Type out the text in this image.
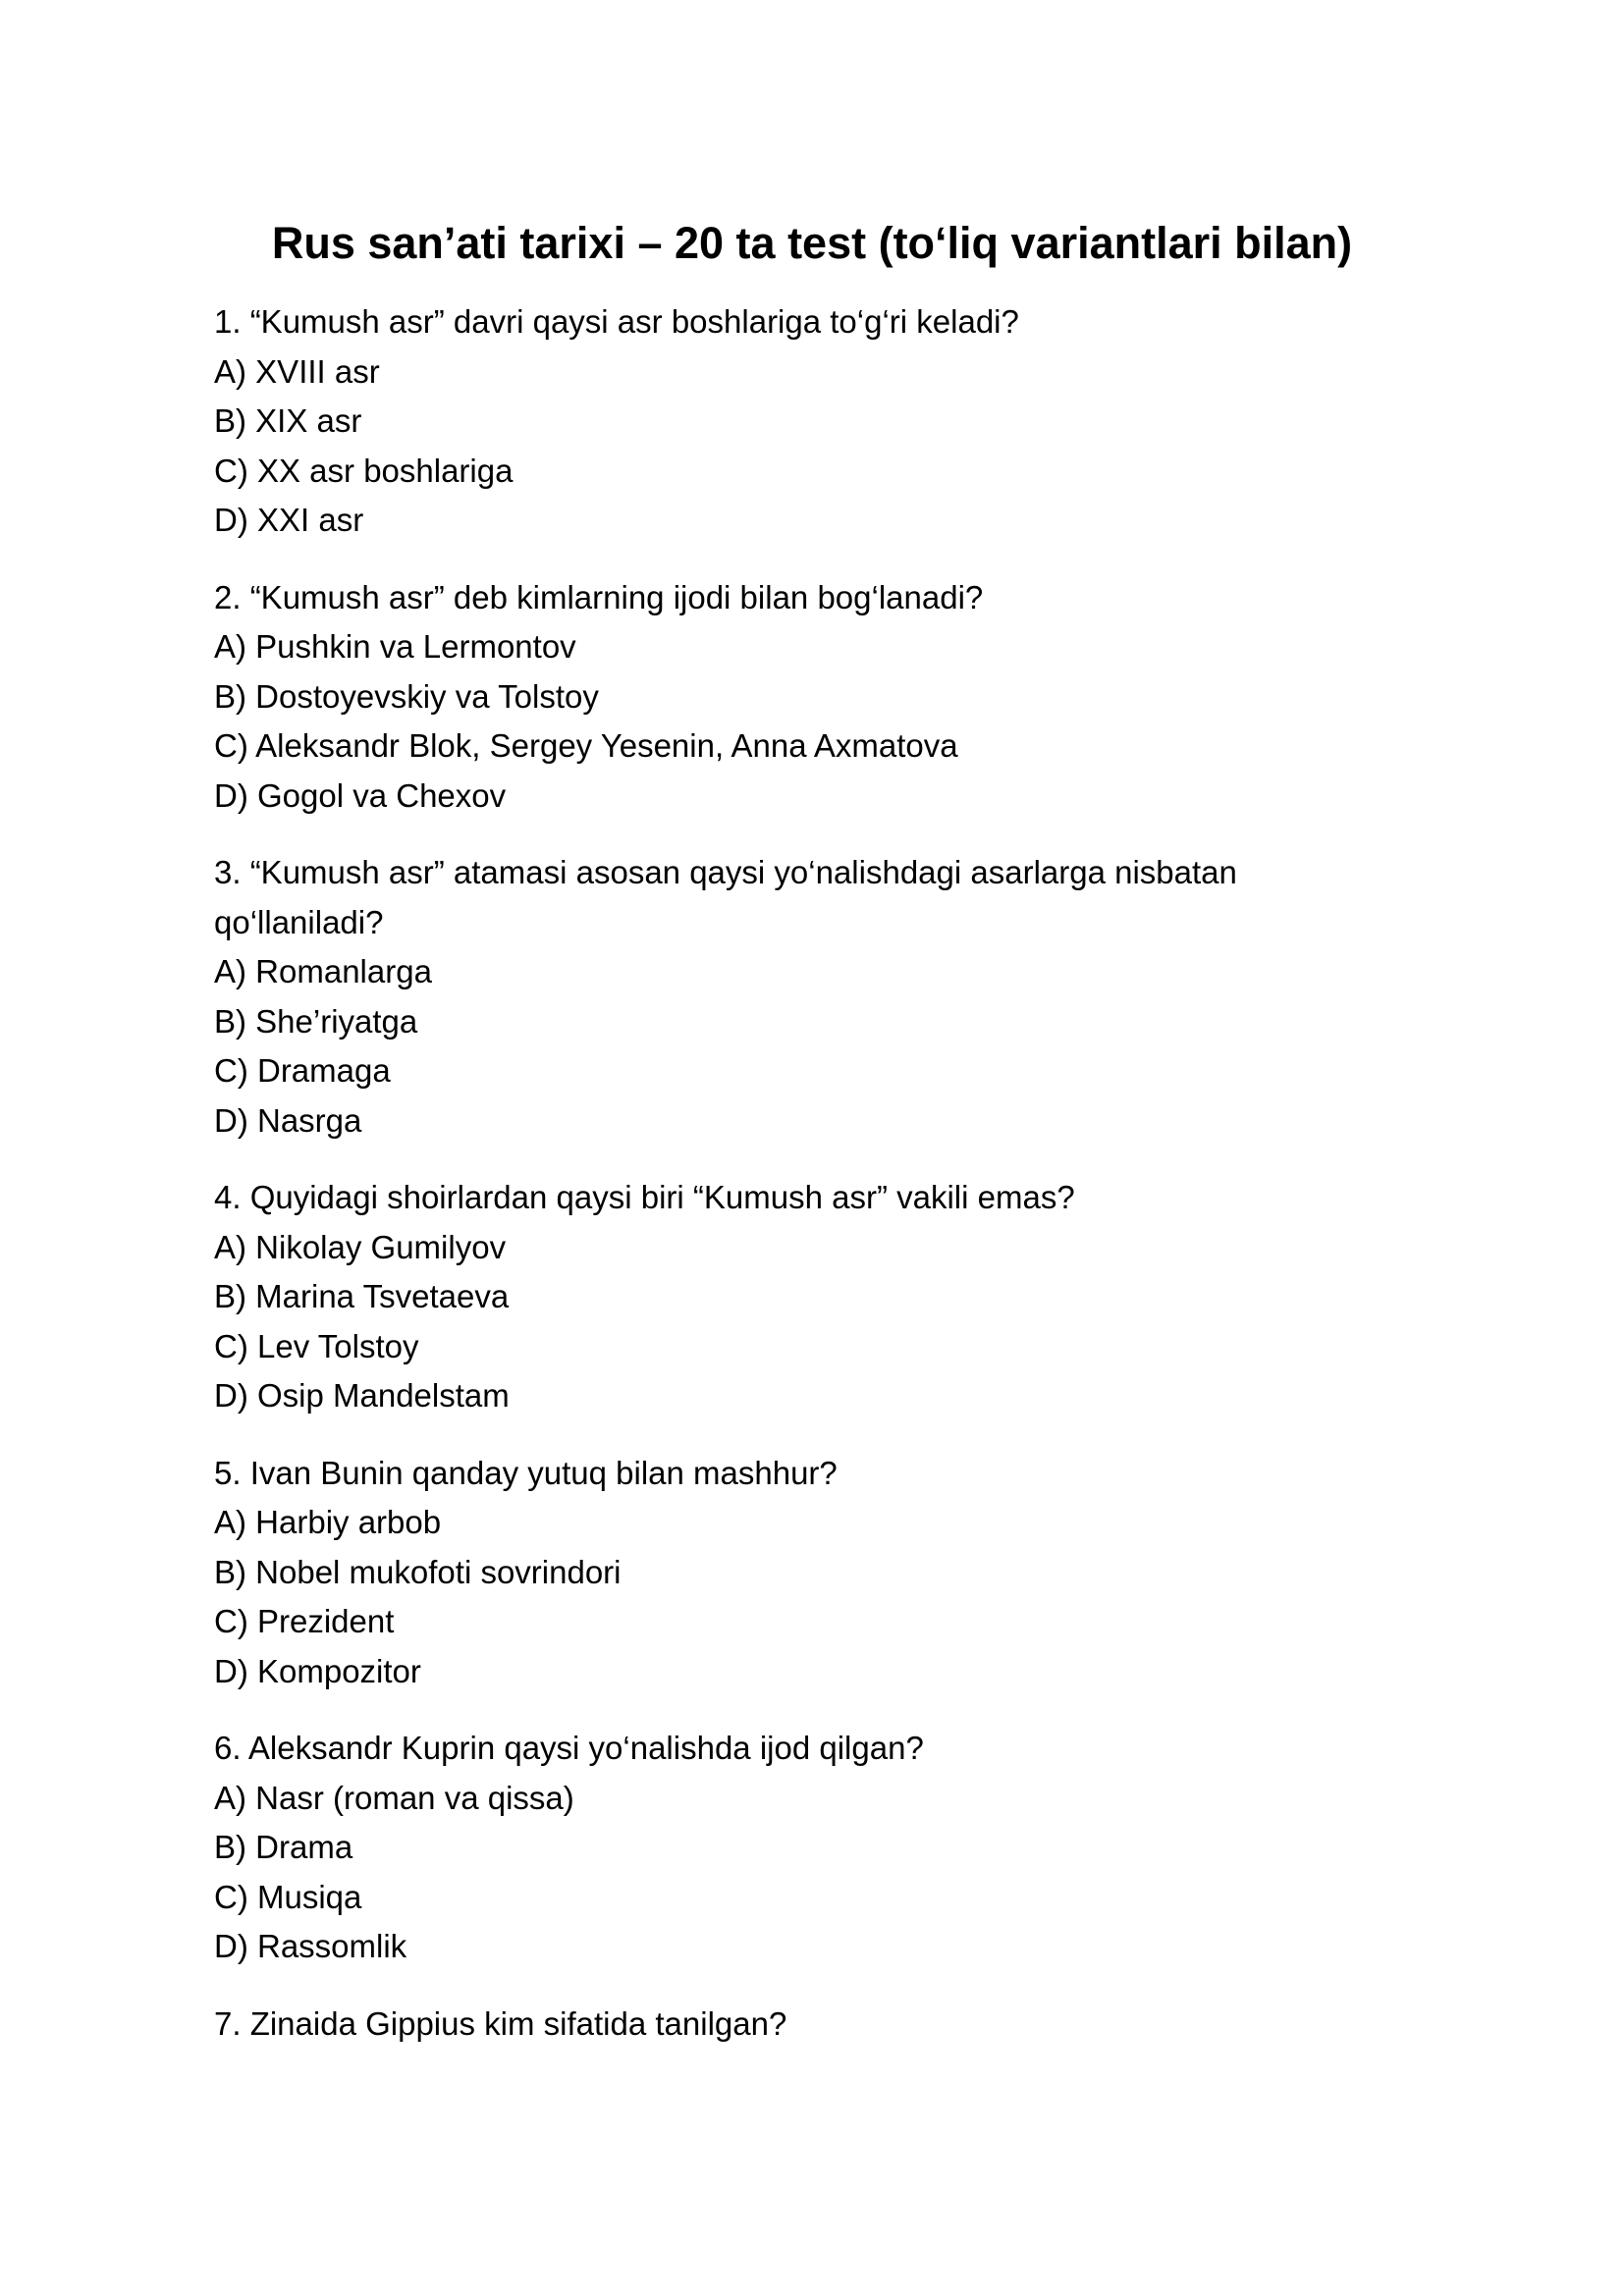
Rus san’ati tarixi – 20 ta test (to‘liq variantlari bilan)

1. “Kumush asr” davri qaysi asr boshlariga to‘g‘ri keladi?

A) XVIII asr

B) XIX asr

C) XX asr boshlariga

D) XXI asr

2. “Kumush asr” deb kimlarning ijodi bilan bog‘lanadi?

A) Pushkin va Lermontov

B) Dostoyevskiy va Tolstoy

C) Aleksandr Blok, Sergey Yesenin, Anna Axmatova

D) Gogol va Chexov

3. “Kumush asr” atamasi asosan qaysi yo‘nalishdagi asarlarga nisbatan qo‘llaniladi?

A) Romanlarga

B) She’riyatga

C) Dramaga

D) Nasrga

4. Quyidagi shoirlardan qaysi biri “Kumush asr” vakili emas?

A) Nikolay Gumilyov

B) Marina Tsvetaeva

C) Lev Tolstoy

D) Osip Mandelstam

5. Ivan Bunin qanday yutuq bilan mashhur?

A) Harbiy arbob

B) Nobel mukofoti sovrindori

C) Prezident

D) Kompozitor

6. Aleksandr Kuprin qaysi yo‘nalishda ijod qilgan?

A) Nasr (roman va qissa)

B) Drama

C) Musiqa

D) Rassomlik

7. Zinaida Gippius kim sifatida tanilgan?
